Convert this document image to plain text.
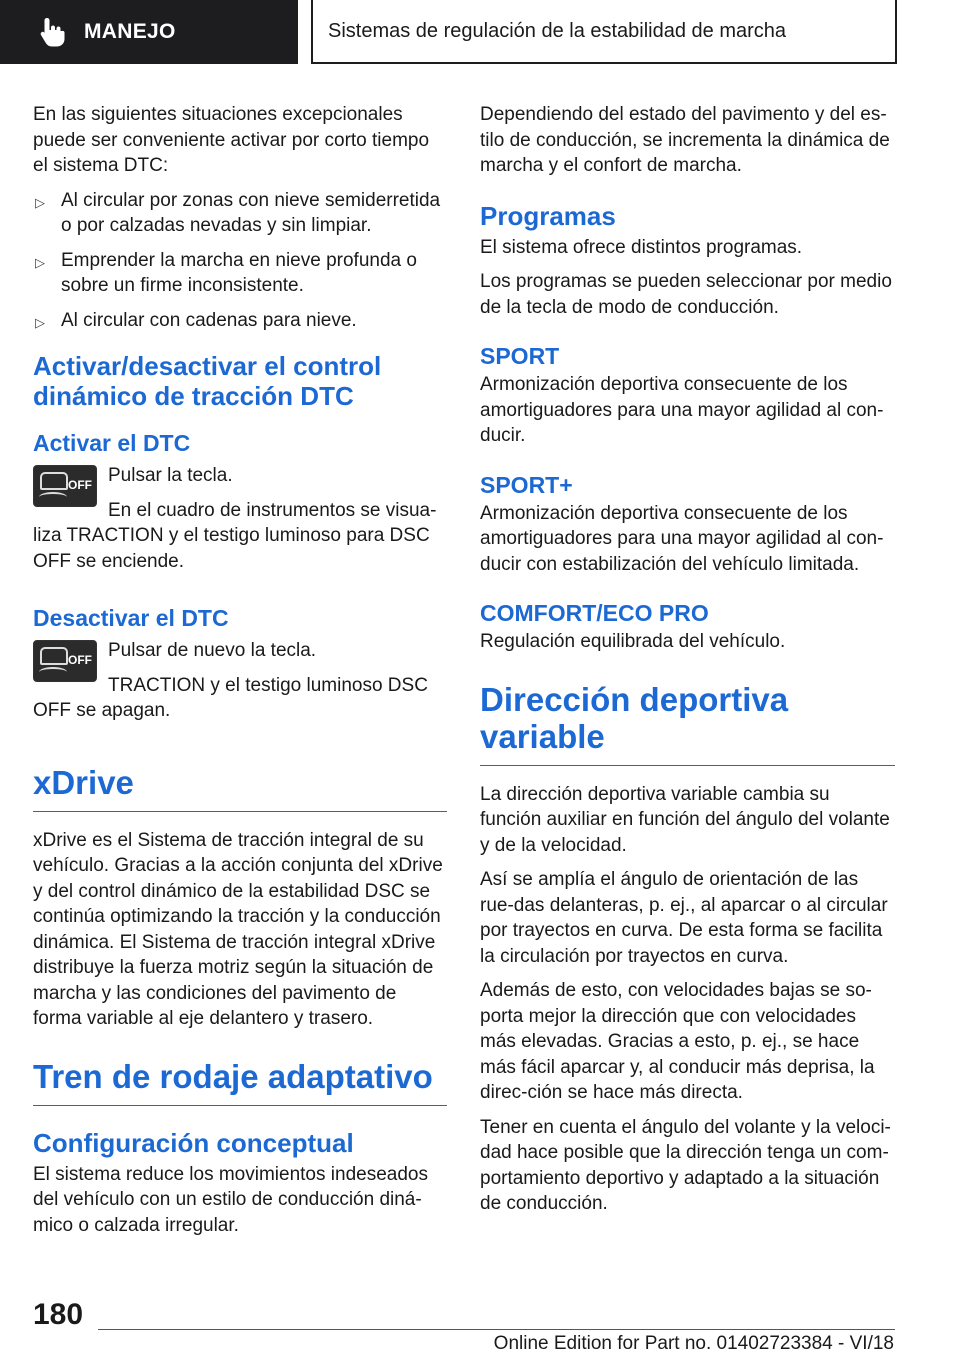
MANEJO	Sistemas de regulación de la estabilidad de marcha

En las siguientes situaciones excepcionales puede ser conveniente activar por corto tiempo el sistema DTC:

▷ Al circular por zonas con nieve semiderretida o por calzadas nevadas y sin limpiar.
▷ Emprender la marcha en nieve profunda o sobre un firme inconsistente.
▷ Al circular con cadenas para nieve.
Activar/desactivar el control dinámico de tracción DTC
Activar el DTC
OFF Pulsar la tecla.

En el cuadro de instrumentos se visua-

liza TRACTION y el testigo luminoso para DSC OFF se enciende.

Desactivar el DTC
OFF Pulsar de nuevo la tecla.

TRACTION y el testigo luminoso DSC

OFF se apagan.

xDrive

xDrive es el Sistema de tracción integral de su vehículo. Gracias a la acción conjunta del xDrive y del control dinámico de la estabilidad DSC se continúa optimizando la tracción y la conducción dinámica. El Sistema de tracción integral xDrive distribuye la fuerza motriz según la situación de marcha y las condiciones del pavimento de forma variable al eje delantero y trasero.

Tren de rodaje adaptativo
Configuración conceptual

El sistema reduce los movimientos indeseados del vehículo con un estilo de conducción diná-mico o calzada irregular.

Dependiendo del estado del pavimento y del es-tilo de conducción, se incrementa la dinámica de marcha y el confort de marcha.

Programas

El sistema ofrece distintos programas.

Los programas se pueden seleccionar por medio de la tecla de modo de conducción.

SPORT

Armonización deportiva consecuente de los amortiguadores para una mayor agilidad al con-ducir.

SPORT+

Armonización deportiva consecuente de los amortiguadores para una mayor agilidad al con-ducir con estabilización del vehículo limitada.

COMFORT/ECO PRO

Regulación equilibrada del vehículo.

Dirección deportiva variable

La dirección deportiva variable cambia su función auxiliar en función del ángulo del volante y de la velocidad.

Así se amplía el ángulo de orientación de las rue-das delanteras, p. ej., al aparcar o al circular por trayectos en curva. De esta forma se facilita la circulación por trayectos en curva.

Además de esto, con velocidades bajas se so-porta mejor la dirección que con velocidades más elevadas. Gracias a esto, p. ej., se hace más fácil aparcar y, al conducir más deprisa, la direc-ción se hace más directa.

Tener en cuenta el ángulo del volante y la veloci-dad hace posible que la dirección tenga un com-portamiento deportivo y adaptado a la situación de conducción.

180
Online Edition for Part no. 01402723384 - VI/18
